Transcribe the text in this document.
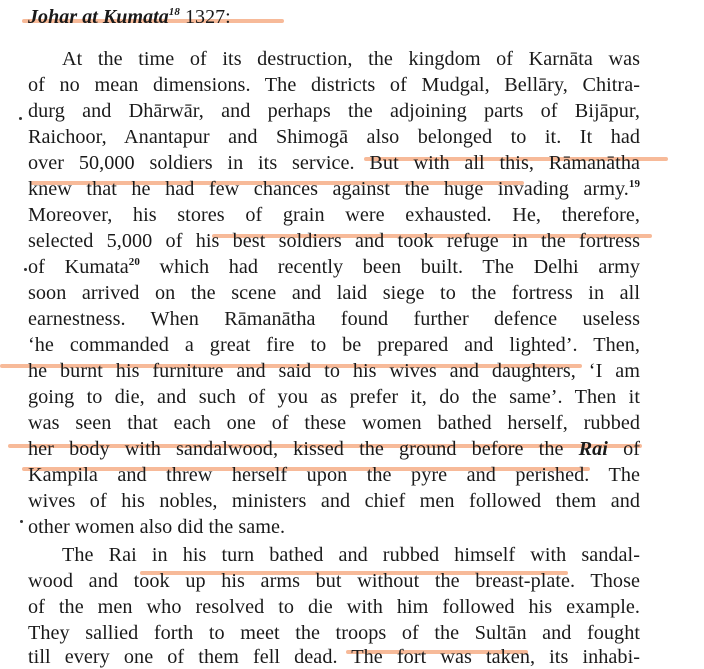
Johar at Kumata$^{18}$ 1327:
At the time of its destruction, the kingdom of Karnāta was
of no mean dimensions. The districts of Mudgal, Bellāry, Chitra-
durg and Dhārwār, and perhaps the adjoining parts of Bijāpur,
Raichoor, Anantapur and Shimogā also belonged to it. It had
over 50,000 soldiers in its service. But with all this, Rāmanātha
knew that he had few chances against the huge invading army.$^{19}$
Moreover, his stores of grain were exhausted. He, therefore,
selected 5,000 of his best soldiers and took refuge in the fortress
of Kumata$^{20}$ which had recently been built. The Delhi army
soon arrived on the scene and laid siege to the fortress in all
earnestness. When Rāmanātha found further defence useless
‘he commanded a great fire to be prepared and lighted’. Then,
he burnt his furniture and said to his wives and daughters, ‘I am
going to die, and such of you as prefer it, do the same’. Then it
was seen that each one of these women bathed herself, rubbed
her body with sandalwood, kissed the ground before the Rai of
Kampila and threw herself upon the pyre and perished. The
wives of his nobles, ministers and chief men followed them and
other women also did the same.
The Rai in his turn bathed and rubbed himself with sandal-
wood and took up his arms but without the breast-plate. Those
of the men who resolved to die with him followed his example.
They sallied forth to meet the troops of the Sultān and fought
till every one of them fell dead. The fort was taken, its inhabi-
